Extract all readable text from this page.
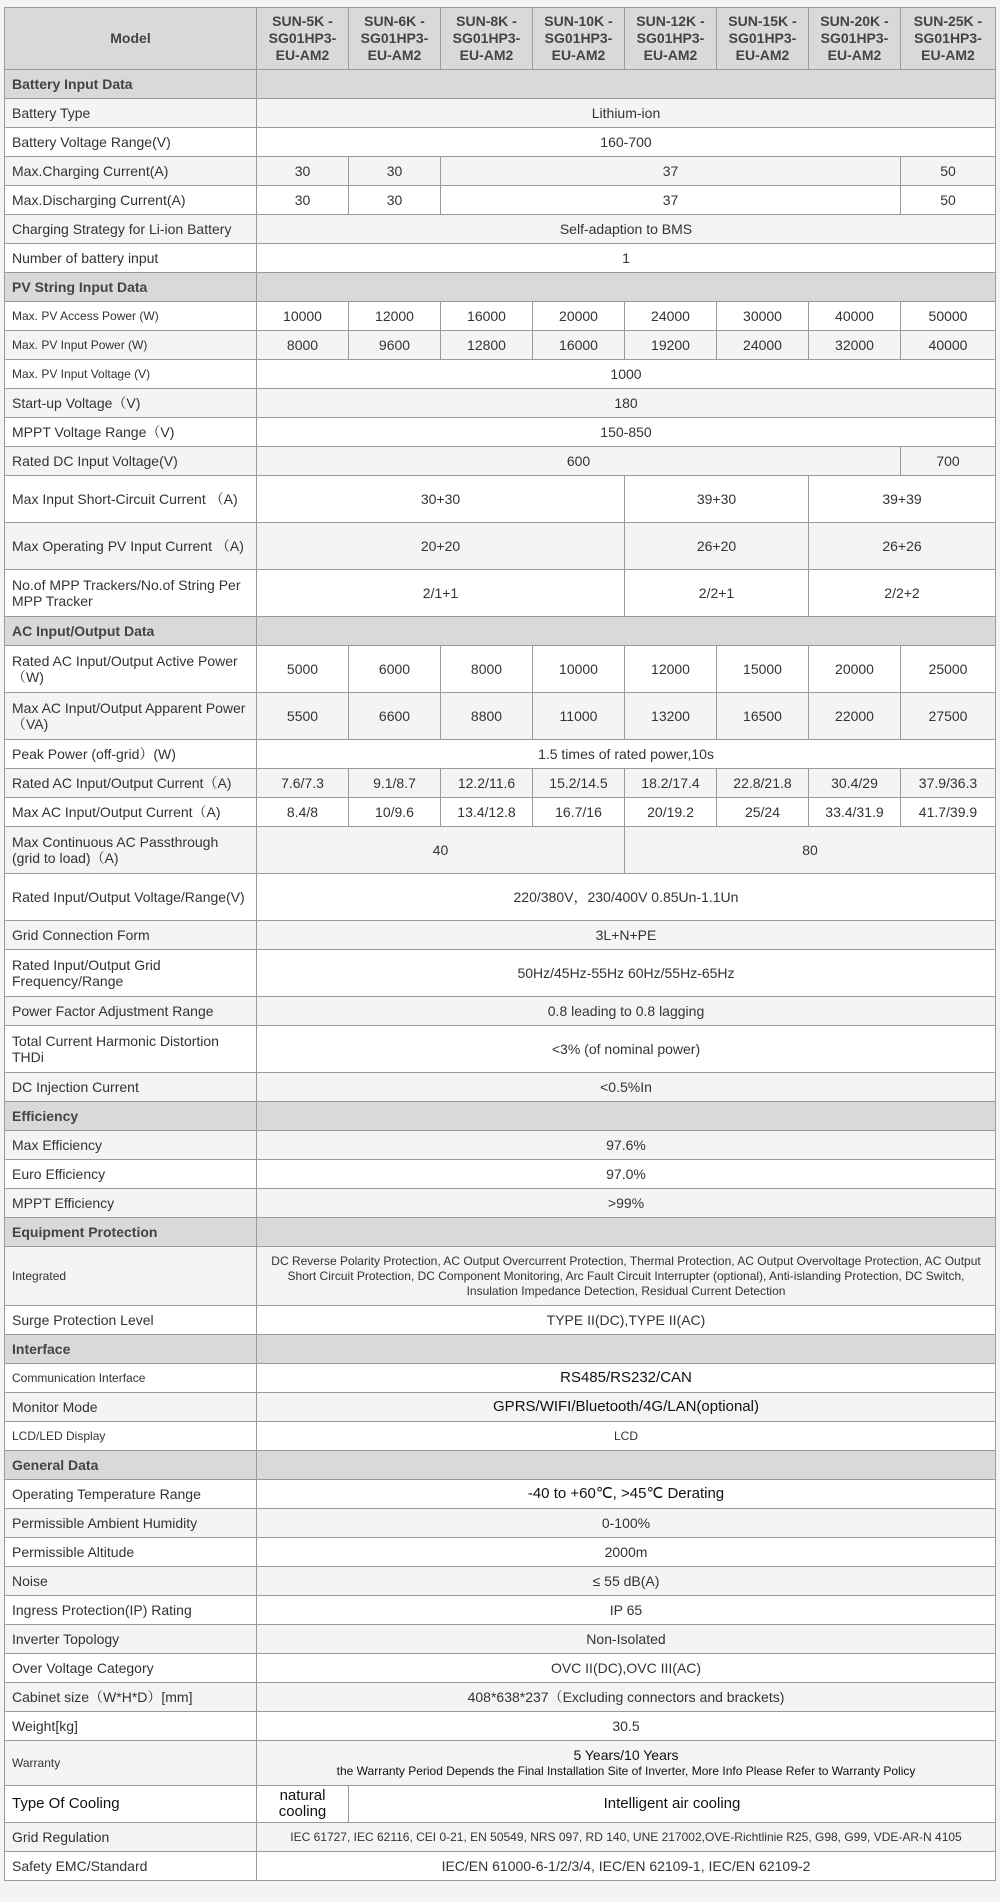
Model	SUN-5K -
SG01HP3-
EU-AM2	SUN-6K -
SG01HP3-
EU-AM2	SUN-8K -
SG01HP3-
EU-AM2	SUN-10K -
SG01HP3-
EU-AM2	SUN-12K -
SG01HP3-
EU-AM2	SUN-15K -
SG01HP3-
EU-AM2	SUN-20K -
SG01HP3-
EU-AM2	SUN-25K -
SG01HP3-
EU-AM2

Battery Input Data								
Battery Type	Lithium-ion							
Battery Voltage Range(V)	160-700							
Max.Charging Current(A)	30	30	37					50
Max.Discharging Current(A)	30	30	37					50
Charging Strategy for Li-ion Battery	Self-adaption to BMS							
Number of battery input	1							
PV String Input Data								
Max. PV Access Power (W)	10000	12000	16000	20000	24000	30000	40000	50000
Max. PV Input Power (W)	8000	9600	12800	16000	19200	24000	32000	40000
Max. PV Input Voltage (V)	1000							
Start-up Voltage（V)	180							
MPPT Voltage Range（V)	150-850							
Rated DC Input Voltage(V)	600							700
Max Input Short-Circuit Current （A)	30+30				39+30		39+39	
Max Operating PV Input Current （A)	20+20				26+20		26+26	
No.of MPP Trackers/No.of String Per MPP Tracker	2/1+1				2/2+1		2/2+2	
AC Input/Output Data								
Rated AC Input/Output Active Power （W)	5000	6000	8000	10000	12000	15000	20000	25000
Max AC Input/Output Apparent Power （VA)	5500	6600	8800	11000	13200	16500	22000	27500
Peak Power (off-grid）(W)	1.5 times of rated power,10s							
Rated AC Input/Output Current（A)	7.6/7.3	9.1/8.7	12.2/11.6	15.2/14.5	18.2/17.4	22.8/21.8	30.4/29	37.9/36.3
Max AC Input/Output Current（A)	8.4/8	10/9.6	13.4/12.8	16.7/16	20/19.2	25/24	33.4/31.9	41.7/39.9
Max Continuous AC Passthrough (grid to load)（A)	40				80			
Rated Input/Output Voltage/Range(V)	220/380V，230/400V 0.85Un-1.1Un							
Grid Connection Form	3L+N+PE							
Rated Input/Output Grid Frequency/Range	50Hz/45Hz-55Hz 60Hz/55Hz-65Hz							
Power Factor Adjustment Range	0.8 leading to 0.8 lagging							
Total Current Harmonic Distortion THDi	<3% (of nominal power)							
DC Injection Current	<0.5%In							
Efficiency								
Max Efficiency	97.6%							
Euro Efficiency	97.0%							
MPPT Efficiency	>99%							
Equipment Protection								
Integrated	DC Reverse Polarity Protection, AC Output Overcurrent Protection, Thermal Protection, AC Output Overvoltage Protection, AC Output Short Circuit Protection, DC Component Monitoring, Arc Fault Circuit Interrupter (optional), Anti-islanding Protection, DC Switch, Insulation Impedance Detection, Residual Current Detection							
Surge Protection Level	TYPE II(DC),TYPE II(AC)							
Interface								
Communication Interface	RS485/RS232/CAN							
Monitor Mode	GPRS/WIFI/Bluetooth/4G/LAN(optional)							
LCD/LED Display	LCD							
General Data								
Operating Temperature Range	-40 to +60℃, >45℃ Derating							
Permissible Ambient Humidity	0-100%							
Permissible Altitude	2000m							
Noise	≤ 55 dB(A)							
Ingress Protection(IP) Rating	IP 65							
Inverter Topology	Non-Isolated							
Over Voltage Category	OVC II(DC),OVC III(AC)							
Cabinet size（W*H*D）[mm]	408*638*237（Excluding connectors and brackets)							
Weight[kg]	30.5							
Warranty	5 Years/10 Years
the Warranty Period Depends the Final Installation Site of Inverter, More Info Please Refer to Warranty Policy							

Type Of Cooling	natural cooling	Intelligent air cooling						
Grid Regulation	IEC 61727, IEC 62116, CEI 0-21, EN 50549, NRS 097, RD 140, UNE 217002,OVE-Richtlinie R25, G98, G99, VDE-AR-N 4105							
Safety EMC/Standard	IEC/EN 61000-6-1/2/3/4, IEC/EN 62109-1, IEC/EN 62109-2							
